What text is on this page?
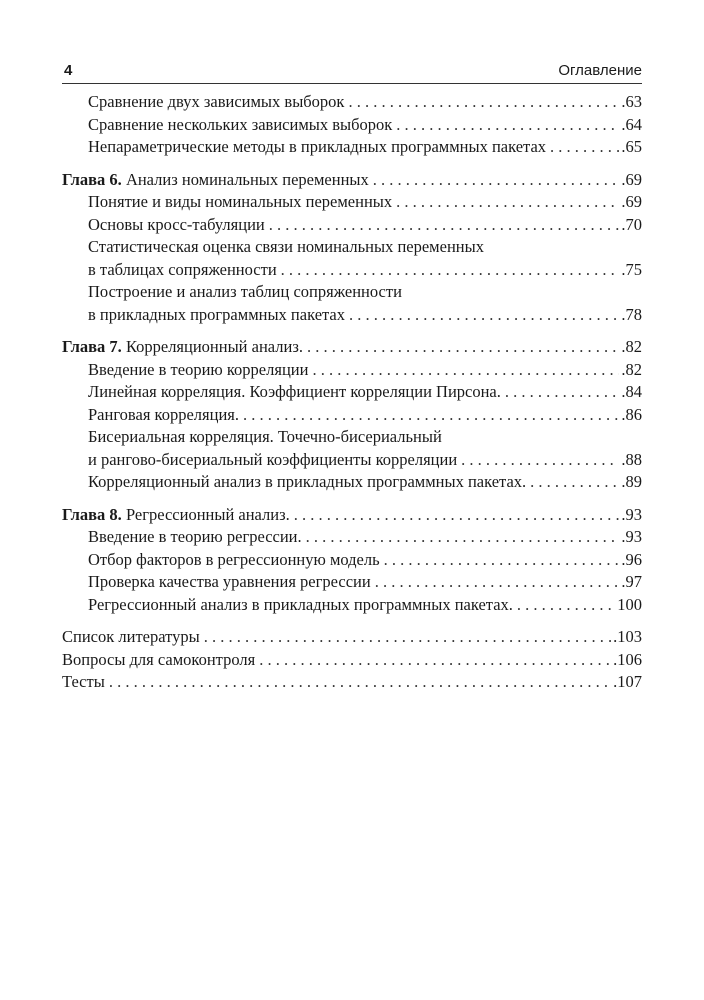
4	Оглавление
Сравнение двух зависимых выборок . . .	.63
Сравнение нескольких зависимых выборок . . .	.64
Непараметрические методы в прикладных программных пакетах . . .	.65
Глава 6. Анализ номинальных переменных . . .	.69
Понятие и виды номинальных переменных . . .	.69
Основы кросс-табуляции . . .	.70
Статистическая оценка связи номинальных переменных
в таблицах сопряженности . . .	.75
Построение и анализ таблиц сопряженности
в прикладных программных пакетах . . .	.78
Глава 7. Корреляционный анализ. . . .	.82
Введение в теорию корреляции . . .	.82
Линейная корреляция. Коэффициент корреляции Пирсона. . . .	.84
Ранговая корреляция. . . .	.86
Бисериальная корреляция. Точечно-бисериальный
и рангово-бисериальный коэффициенты корреляции . . .	.88
Корреляционный анализ в прикладных программных пакетах. . . .	.89
Глава 8. Регрессионный анализ. . . .	.93
Введение в теорию регрессии. . . .	.93
Отбор факторов в регрессионную модель . . .	.96
Проверка качества уравнения регрессии . . .	.97
Регрессионный анализ в прикладных программных пакетах. . . .	100
Список литературы . . .	.103
Вопросы для самоконтроля . . .	.106
Тесты . . .	.107
